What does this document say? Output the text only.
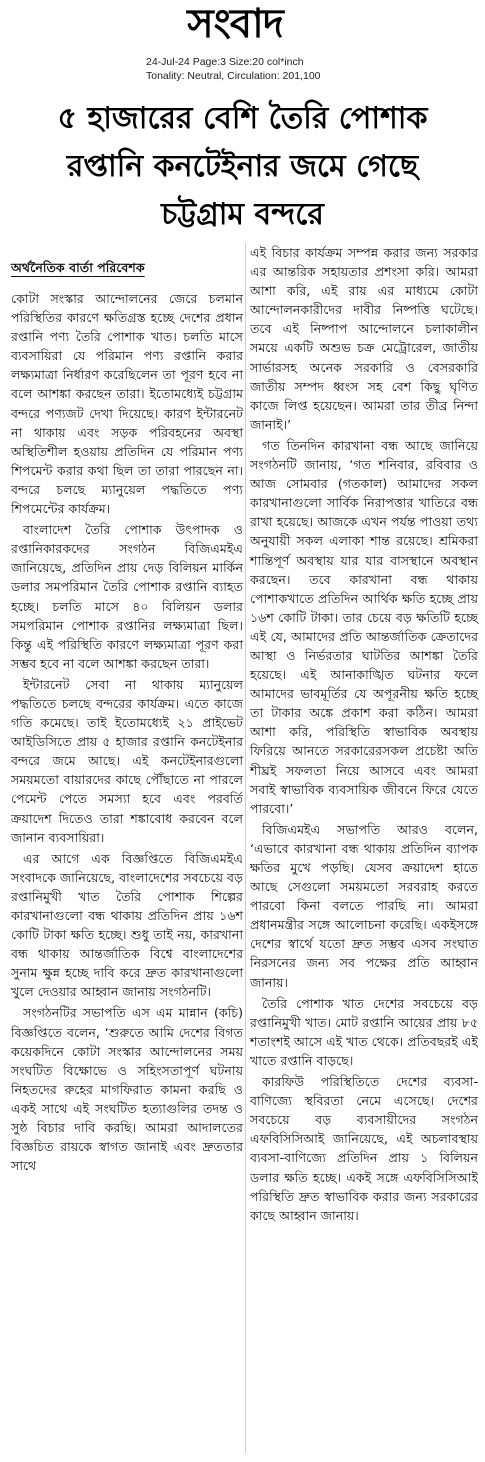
সংবাদ
24-Jul-24 Page:3 Size:20 col*inch
Tonality: Neutral, Circulation: 201,100
৫ হাজারের বেশি তৈরি পোশাক
রপ্তানি কনটেইনার জমে গেছে
চট্টগ্রাম বন্দরে
অর্থনৈতিক বার্তা পরিবেশক

কোটা সংস্কার আন্দোলনের জেরে চলমান পরিস্থিতির কারণে ক্ষতিগ্রস্ত হচ্ছে দেশের প্রধান রপ্তানি পণ্য তৈরি পোশাক খাত। চলতি মাসে ব্যবসায়িরা যে পরিমান পণ্য রপ্তানি করার লক্ষ্যমাত্রা নির্ধারণ করেছিলেন তা পূরণ হবে না বলে আশঙ্কা করছেন তারা। ইতোমধ্যেই চট্টগ্রাম বন্দরে পণ্যজট দেখা দিয়েছে। কারণ ইন্টারনেট না থাকায় এবং সড়ক পরিবহনের অবস্থা অস্থিতিশীল হওয়ায় প্রতিদিন যে পরিমান পণ্য শিপমেন্ট করার কথা ছিল তা তারা পারছেন না। বন্দরে চলছে ম্যানুয়েল পদ্ধতিতে পণ্য শিপমেন্টের কার্যক্রম।

বাংলাদেশ তৈরি পোশাক উৎপাদক ও রপ্তানিকারকদের সংগঠন বিজিএমইএ জানিয়েছে, প্রতিদিন প্রায় দেড় বিলিয়ন মার্কিন ডলার সমপরিমান তৈরি পোশাক রপ্তানি ব্যাহত হচ্ছে। চলতি মাসে ৪০ বিলিয়ন ডলার সমপরিমান পোশাক রপ্তানির লক্ষ্যমাত্রা ছিল। কিন্তু এই পরিস্থিতি কারণে লক্ষ্যমাত্রা পূরণ করা সম্ভব হবে না বলে আশঙ্কা করছেন তারা।

ইন্টারনেট সেবা না থাকায় ম্যানুয়েল পদ্ধতিতে চলছে বন্দরের কার্যক্রম। এতে কাজে গতি কমেছে। তাই ইতোমধ্যেই ২১ প্রাইভেট আইডিসিতে প্রায় ৫ হাজার রপ্তানি কনটেইনার বন্দরে জমে আছে। এই কনটেইনারগুলো সময়মতো বায়ারদের কাছে পৌঁছাতে না পারলে পেমেন্ট পেতে সমস্যা হবে এবং পরবর্তি ক্রয়াদেশ দিতেও তারা শঙ্কাবোধ করবেন বলে জানান ব্যবসায়িরা।

এর আগে এক বিজ্ঞপ্তিতে বিজিএমইএ সংবাদকে জানিয়েছে, বাংলাদেশের সবচেয়ে বড় রপ্তানিমুখী খাত তৈরি পোশাক শিল্পের কারখানাগুলো বন্ধ থাকায় প্রতিদিন প্রায় ১৬শ কোটি টাকা ক্ষতি হচ্ছে। শুধু তাই নয়, কারখানা বন্ধ থাকায় আন্তর্জাতিক বিশ্বে বাংলাদেশের সুনাম ক্ষুন্ন হচ্ছে দাবি করে দ্রুত কারখানাগুলো খুলে দেওয়ার আহ্বান জানায় সংগঠনটি।

সংগঠনটির সভাপতি এস এম মান্নান (কচি) বিজ্ঞপ্তিতে বলেন, ‘শুরুতে আমি দেশের বিগত কয়েকদিনে কোটা সংস্কার আন্দোলনের সময় সংঘটিত বিক্ষোভে ও সহিংসতাপূর্ণ ঘটনায় নিহতদের রুহের মাগফিরাত কামনা করছি ও একই সাথে এই সংঘটিত হত্যাগুলির তদন্ত ও সুষ্ঠ বিচার দাবি করছি। আমরা আদালতের বিজ্ঞচিত রায়কে স্বাগত জানাই এবং দ্রুততার সাথে

এই বিচার কার্যক্রম সম্পন্ন করার জন্য সরকার এর আন্তরিক সহায়তার প্রশংসা করি। আমরা আশা করি, এই রায় এর মাধ্যমে কোটা আন্দোলনকারীদের দাবীর নিষ্পত্তি ঘটেছে। তবে এই নিষ্পাপ আন্দোলনে চলাকালীন সময়ে একটি অশুভ চক্র মেট্রোরেল, জাতীয় সার্ভারসহ অনেক সরকারি ও বেসরকারি জাতীয় সম্পদ ধ্বংস সহ বেশ কিছু ঘৃণিত কাজে লিপ্ত হয়েছেন। আমরা তার তীব্র নিন্দা জানাই।’

গত তিনদিন কারখানা বন্ধ আছে জানিয়ে সংগঠনটি জানায়, ‘গত শনিবার, রবিবার ও আজ সোমবার (গতকাল) আমাদের সকল কারখানাগুলো সার্বিক নিরাপত্তার খাতিরে বন্ধ রাখা হয়েছে। আজকে এখন পর্যন্ত পাওয়া তথ্য অনুযায়ী সকল এলাকা শান্ত রয়েছে। শ্রমিকরা শান্তিপূর্ণ অবস্থায় যার যার বাসস্থানে অবস্থান করছেন। তবে কারখানা বন্ধ থাকায় পোশাকখাতে প্রতিদিন আর্থিক ক্ষতি হচ্ছে প্রায় ১৬শ কোটি টাকা। তার চেয়ে বড় ক্ষতিটি হচ্ছে এই যে, আমাদের প্রতি আন্তর্জাতিক ক্রেতাদের আস্থা ও নির্ভরতার ঘাটতির আশঙ্কা তৈরি হয়েছে। এই আনাকাঙ্খিত ঘটনার ফলে আমাদের ভাবমূর্তির যে অপূরনীয় ক্ষতি হচ্ছে তা টাকার অঙ্কে প্রকাশ করা কঠিন। আমরা আশা করি, পরিস্থিতি স্বাভাবিক অবস্থায় ফিরিয়ে আনতে সরকারেরসকল প্রচেষ্টা অতি শীঘ্রই সফলতা নিয়ে আসবে এবং আমরা সবাই স্বাভাবিক ব্যবসায়িক জীবনে ফিরে যেতে পারবো।’

বিজিএমইএ সভাপতি আরও বলেন, ‘এভাবে কারখানা বন্ধ থাকায় প্রতিদিন ব্যাপক ক্ষতির মুখে পড়ছি। যেসব ক্রয়াদেশ হাতে আছে সেগুলো সময়মতো সরবরাহ করতে পারবো কিনা বলতে পারছি না। আমরা প্রধানমন্ত্রীর সঙ্গে আলোচনা করেছি। একইসঙ্গে দেশের স্বার্থে যতো দ্রুত সম্ভব এসব সংঘাত নিরসনের জন্য সব পক্ষের প্রতি আহ্বান জানায়।

তৈরি পোশাক খাত দেশের সবচেয়ে বড় রপ্তানিমুখী খাত। মোট রপ্তানি আয়ের প্রায় ৮৫ শতাংশই আসে এই খাত থেকে। প্রতিবছরই এই খাতে রপ্তানি বাড়ছে।

কারফিউ পরিস্থিতিতে দেশের ব্যবসা-বাণিজ্যে স্থবিরতা নেমে এসেছে। দেশের সবচেয়ে বড় ব্যবসায়ীদের সংগঠন এফবিসিসিআই জানিয়েছে, এই অচলাবস্থায় ব্যবসা-বাণিজ্যে প্রতিদিন প্রায় ১ বিলিয়ন ডলার ক্ষতি হচ্ছে। একই সঙ্গে এফবিসিসিআই পরিস্থিতি দ্রুত স্বাভাবিক করার জন্য সরকারের কাছে আহ্বান জানায়।
